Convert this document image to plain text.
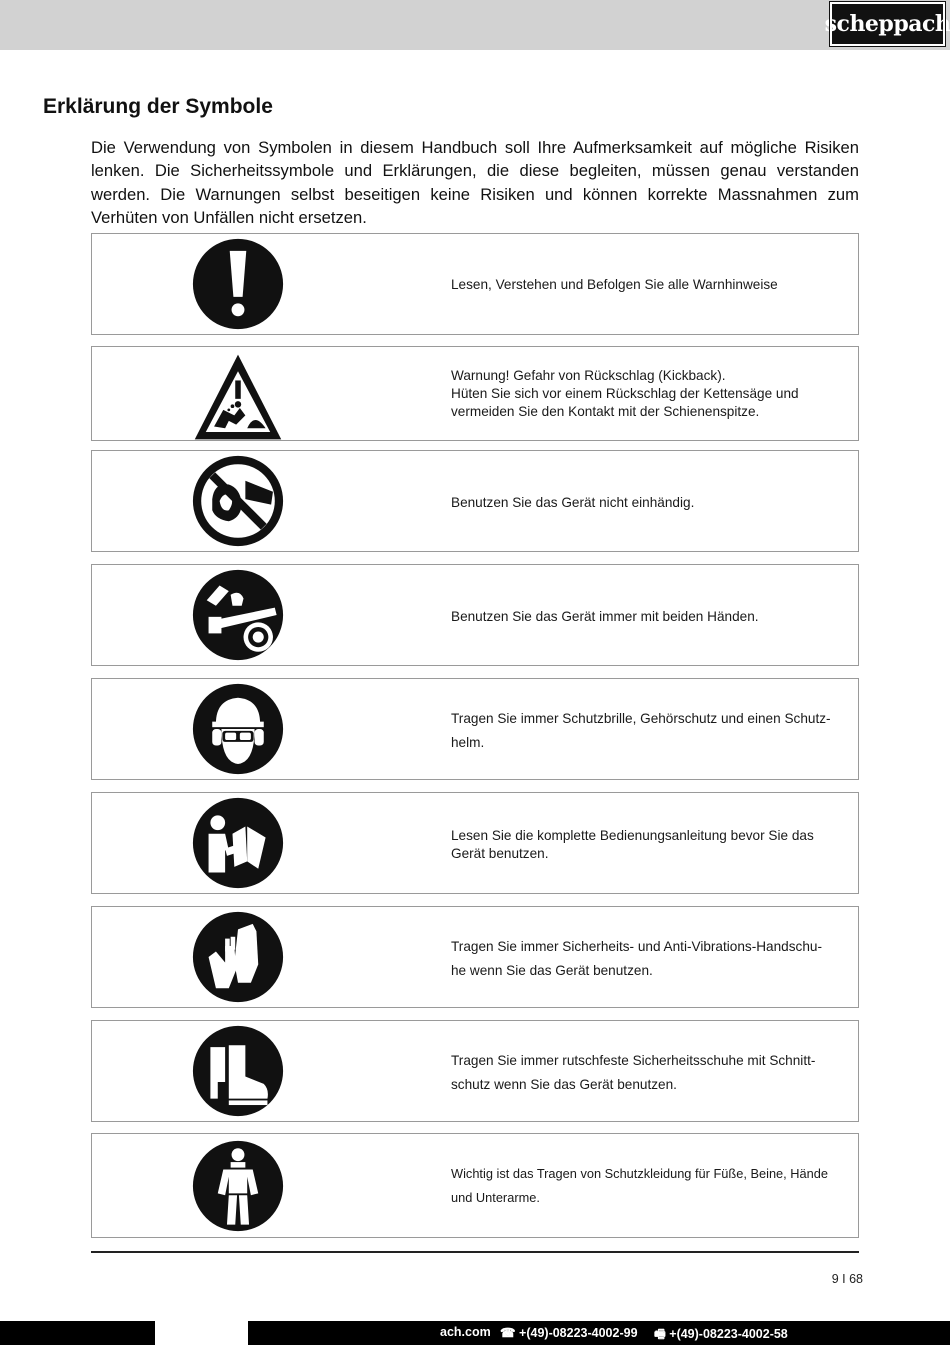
scheppach
Erklärung der Symbole

Die Verwendung von Symbolen in diesem Handbuch soll Ihre Aufmerksamkeit auf mögliche Risiken lenken. Die Sicherheitssymbole und Erklärungen, die diese begleiten, müssen genau verstanden werden. Die Warnungen selbst beseitigen keine Risiken und können korrekte Massnahmen zum Verhüten von Unfällen nicht ersetzen.

Lesen, Verstehen und Befolgen Sie alle Warnhinweise
Warnung! Gefahr von Rückschlag (Kickback).
Hüten Sie sich vor einem Rückschlag der Kettensäge und vermeiden Sie den Kontakt mit der Schienenspitze.
Benutzen Sie das Gerät nicht einhändig.
Benutzen Sie das Gerät immer mit beiden Händen.
Tragen Sie immer Schutzbrille, Gehörschutz und einen Schutz-
helm.
Lesen Sie die komplette Bedienungsanleitung bevor Sie das Gerät benutzen.
Tragen Sie immer Sicherheits- und Anti-Vibrations-Handschu-
he wenn Sie das Gerät benutzen.
Tragen Sie immer rutschfeste Sicherheitsschuhe mit Schnitt-
schutz wenn Sie das Gerät benutzen.
Wichtig ist das Tragen von Schutzkleidung für Füße, Beine, Hände und Unterarme.
9 I 68
ach.com ☎ +(49)-08223-4002-99 🖷 +(49)-08223-4002-58
